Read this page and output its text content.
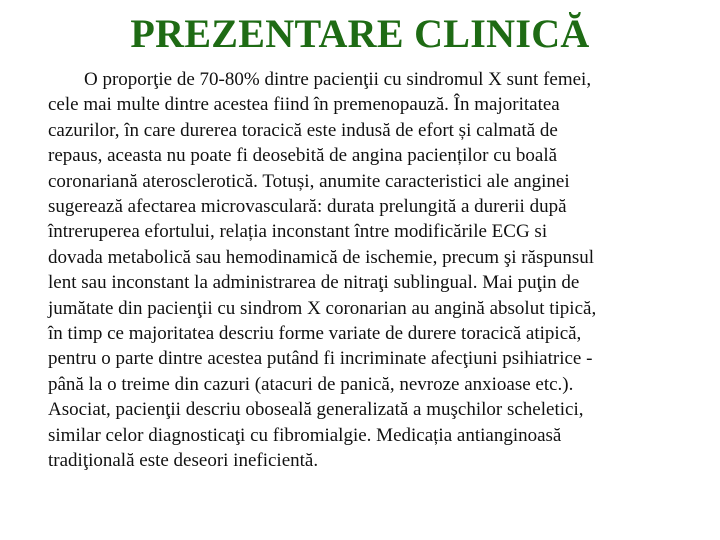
PREZENTARE CLINICĂ
O proporţie de 70-80% dintre pacienţii cu sindromul X sunt femei,
cele mai multe dintre acestea fiind în premenopauză. În majoritatea
cazurilor, în care durerea toracică este indusă de efort și calmată de
repaus, aceasta nu poate fi deosebită de angina pacienților cu boală
coronariană aterosclerotică. Totuși, anumite caracteristici ale anginei
sugerează afectarea microvasculară: durata prelungită a durerii după
întreruperea efortului, relația inconstant între modificările ECG si
dovada metabolică sau hemodinamică de ischemie, precum şi răspunsul
lent sau inconstant la administrarea de nitraţi sublingual. Mai puţin de
jumătate din pacienţii cu sindrom X coronarian au angină absolut tipică,
în timp ce majoritatea descriu forme variate de durere toracică atipică,
pentru o parte dintre acestea putând fi incriminate afecţiuni psihiatrice -
până la o treime din cazuri (atacuri de panică, nevroze anxioase etc.).
Asociat, pacienţii descriu oboseală generalizată a muşchilor scheletici,
similar celor diagnosticaţi cu fibromialgie. Medicația antianginoasă
tradiţională este deseori ineficientă.
